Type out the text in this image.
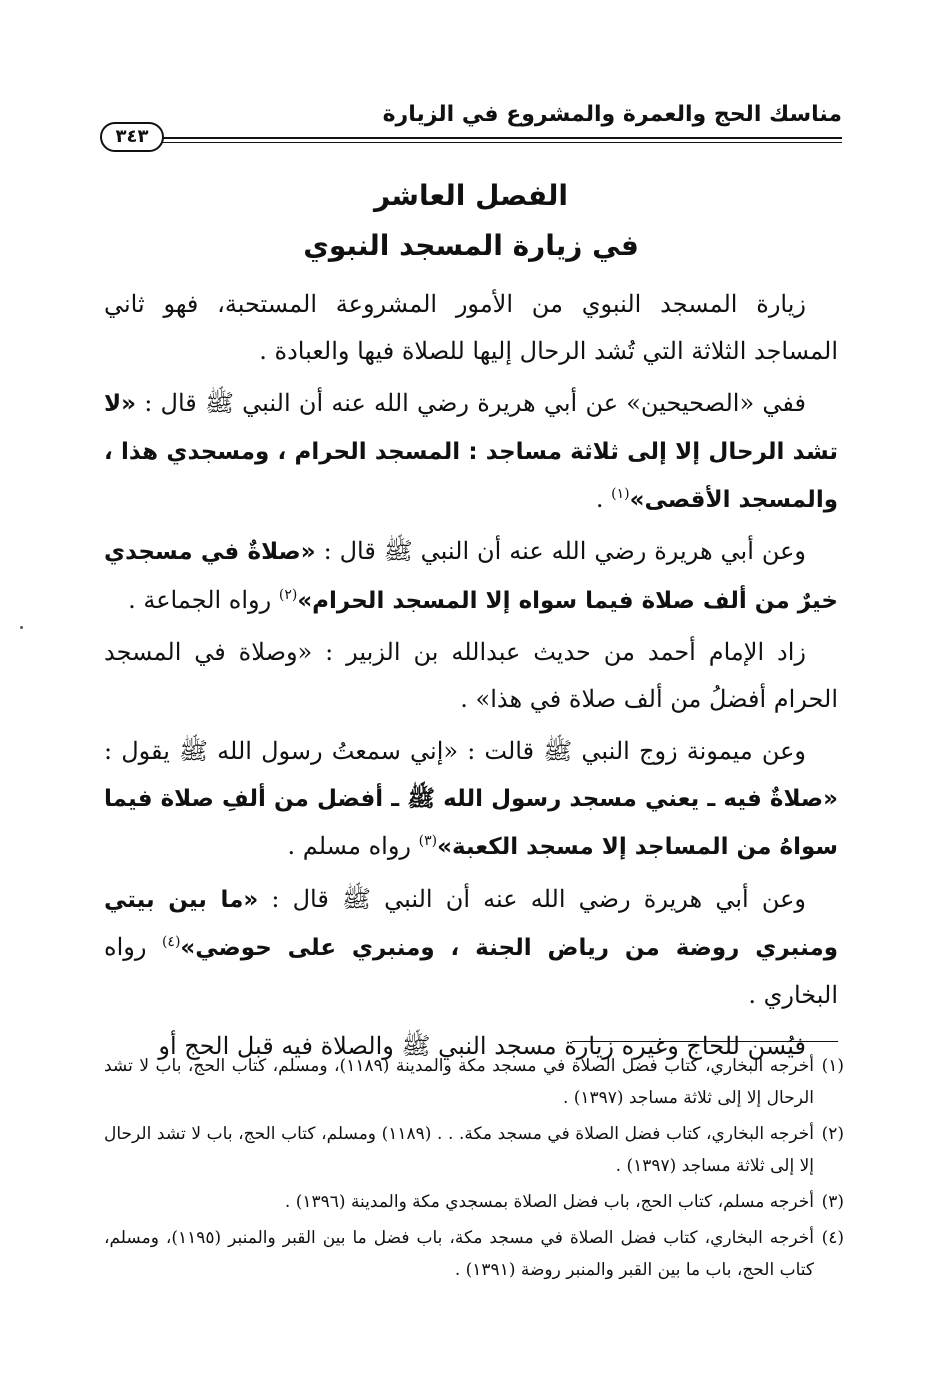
مناسك الحج والعمرة والمشروع في الزيارة
٣٤٣
الفصل العاشر
في زيارة المسجد النبوي

زيارة المسجد النبوي من الأمور المشروعة المستحبة، فهو ثاني المساجد الثلاثة التي تُشد الرحال إليها للصلاة فيها والعبادة .

ففي «الصحيحين» عن أبي هريرة رضي الله عنه أن النبي ﷺ قال : «لا تشد الرحال إلا إلى ثلاثة مساجد : المسجد الحرام ، ومسجدي هذا ، والمسجد الأقصى»$^{(١)}$ .

وعن أبي هريرة رضي الله عنه أن النبي ﷺ قال : «صلاةٌ في مسجدي خيرٌ من ألف صلاة فيما سواه إلا المسجد الحرام»$^{(٢)}$ رواه الجماعة .

زاد الإمام أحمد من حديث عبدالله بن الزبير : «وصلاة في المسجد الحرام أفضلُ من ألف صلاة في هذا» .

وعن ميمونة زوج النبي ﷺ قالت : «إني سمعتُ رسول الله ﷺ يقول : «صلاةٌ فيه ـ يعني مسجد رسول الله ﷺ ـ أفضل من ألفِ صلاة فيما سواهُ من المساجد إلا مسجد الكعبة»$^{(٣)}$ رواه مسلم .

وعن أبي هريرة رضي الله عنه أن النبي ﷺ قال : «ما بين بيتي ومنبري روضة من رياض الجنة ، ومنبري على حوضي»$^{(٤)}$ رواه البخاري .

فيُسن للحاج وغيره زيارة مسجد النبي ﷺ والصلاة فيه قبل الحج أو

(١)أخرجه البخاري، كتاب فضل الصلاة في مسجد مكة والمدينة (١١٨٩)، ومسلم، كتاب الحج، باب لا تشد الرحال إلا إلى ثلاثة مساجد (١٣٩٧) .

(٢)أخرجه البخاري، كتاب فضل الصلاة في مسجد مكة. . . (١١٨٩) ومسلم، كتاب الحج، باب لا تشد الرحال إلا إلى ثلاثة مساجد (١٣٩٧) .

(٣)أخرجه مسلم، كتاب الحج، باب فضل الصلاة بمسجدي مكة والمدينة (١٣٩٦) .

(٤)أخرجه البخاري، كتاب فضل الصلاة في مسجد مكة، باب فضل ما بين القبر والمنبر (١١٩٥)، ومسلم، كتاب الحج، باب ما بين القبر والمنبر روضة (١٣٩١) .
